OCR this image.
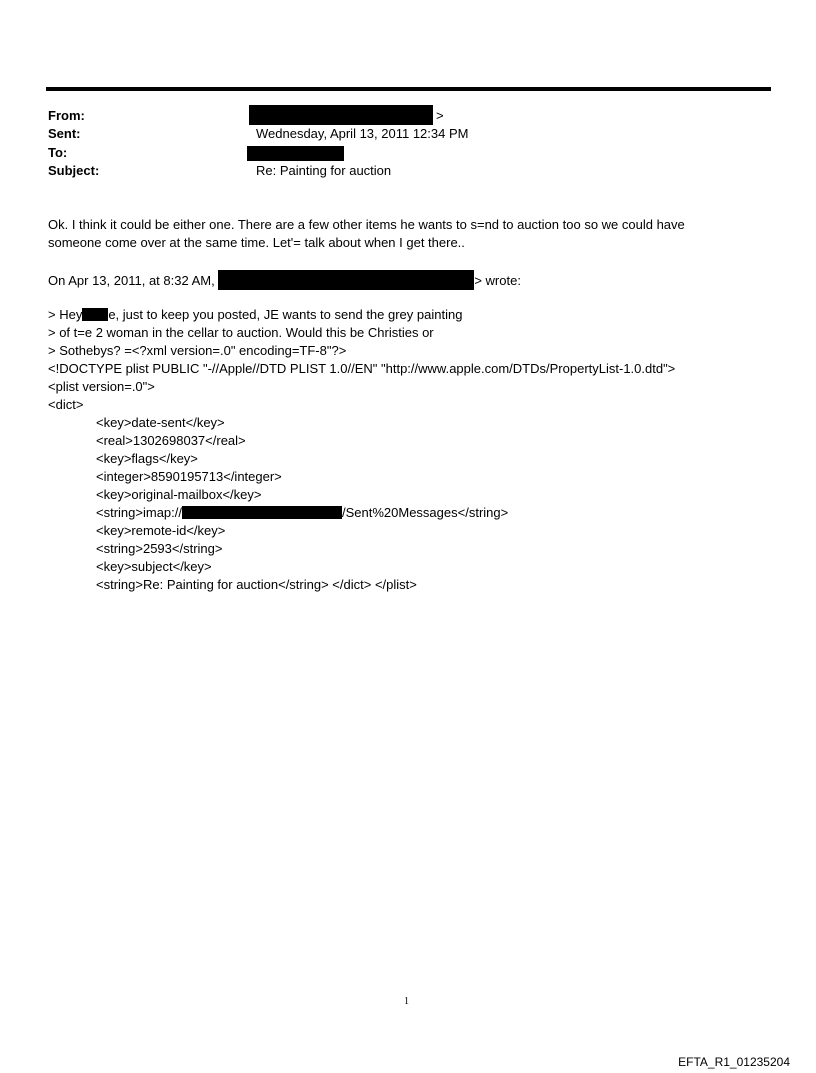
From:	>
Sent:	Wednesday, April 13, 2011 12:34 PM
To:
Subject:	Re: Painting for auction
Ok. I think it could be either one. There are a few other items he wants to s=nd to auction too so we could have
someone come over at the same time. Let'= talk about when I get there..
On Apr 13, 2011, at 8:32 AM,	> wrote:
> Hey e, just to keep you posted, JE wants to send the grey painting
> of t=e 2 woman in the cellar to auction. Would this be Christies or
> Sothebys? =<?xml version=.0" encoding=TF-8"?>
<!DOCTYPE plist PUBLIC "-//Apple//DTD PLIST 1.0//EN" "http://www.apple.com/DTDs/PropertyList-1.0.dtd">
<plist version=.0">
<dict>
<key>date-sent</key>
<real>1302698037</real>
<key>flags</key>
<integer>8590195713</integer>
<key>original-mailbox</key>
<string>imap://	/Sent%20Messages</string>
<key>remote-id</key>
<string>2593</string>
<key>subject</key>
<string>Re: Painting for auction</string> </dict> </plist>
1
EFTA_R1_01235204
